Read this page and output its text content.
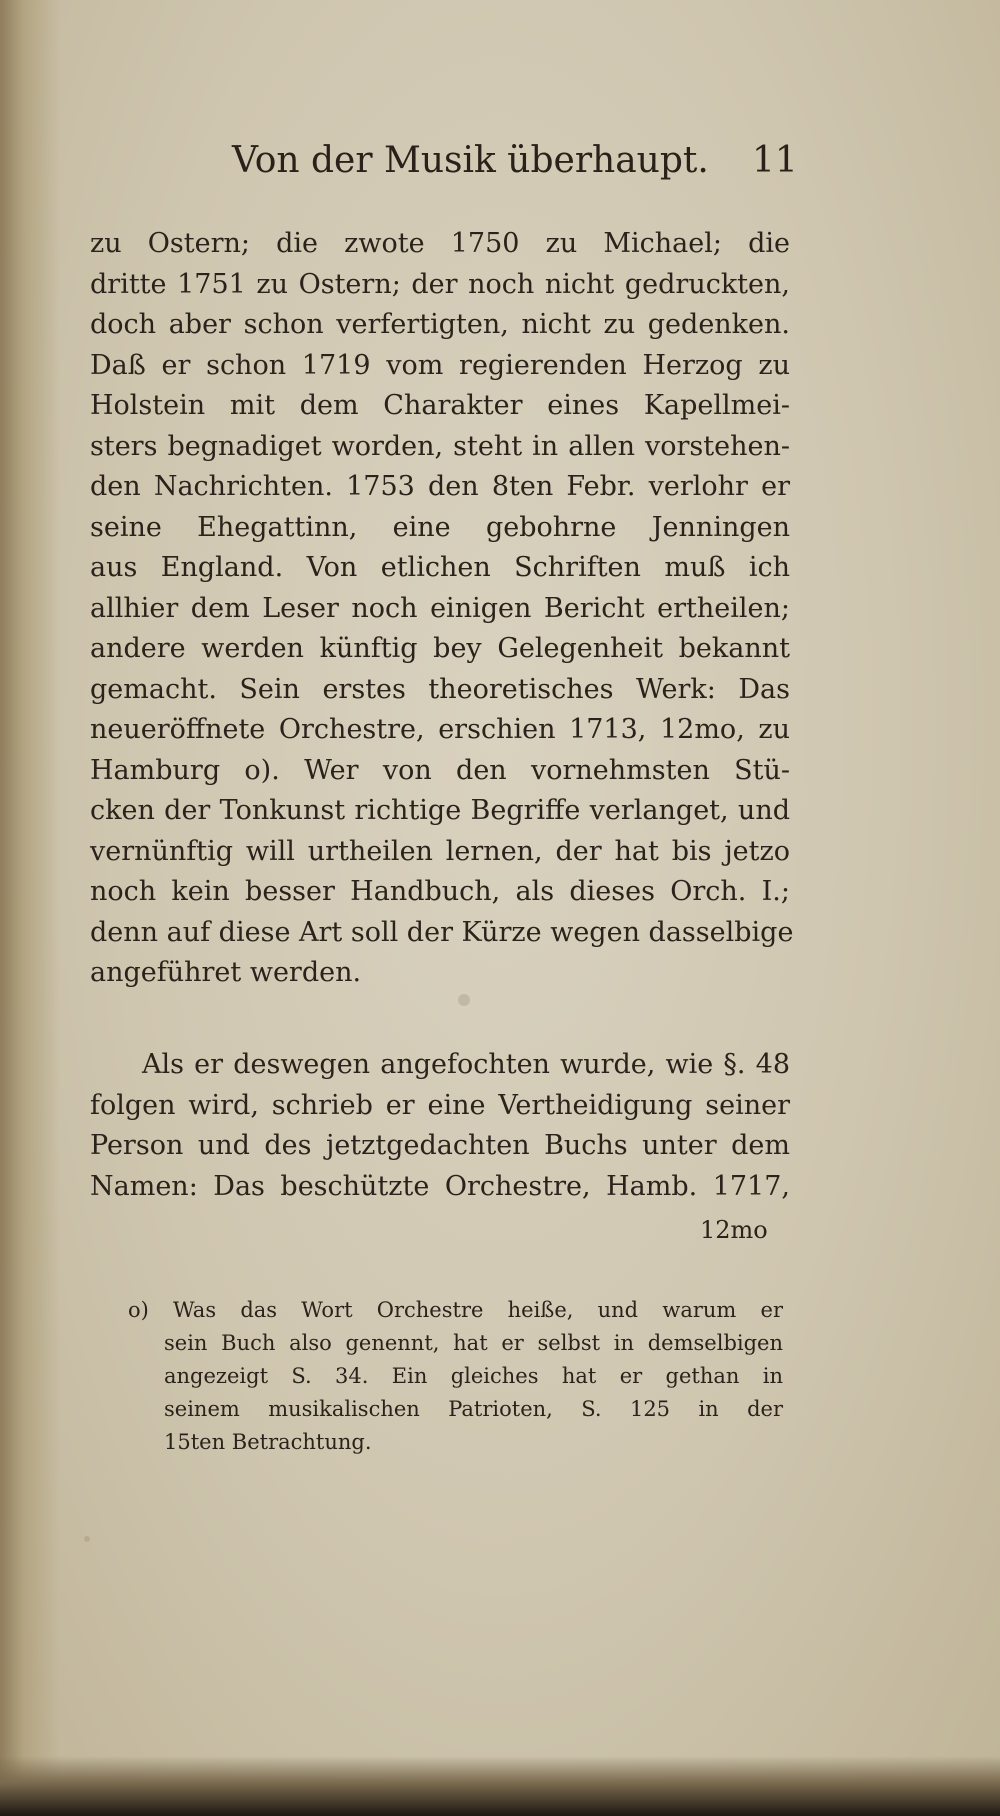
Von der Musik überhaupt. 11
zu Ostern; die zwote 1750 zu Michael; die
dritte 1751 zu Ostern; der noch nicht gedruckten,
doch aber schon verfertigten, nicht zu gedenken.
Daß er schon 1719 vom regierenden Herzog zu
Holstein mit dem Charakter eines Kapellmei-
sters begnadiget worden, steht in allen vorstehen-
den Nachrichten. 1753 den 8ten Febr. verlohr er
seine Ehegattinn, eine gebohrne Jenningen
aus England. Von etlichen Schriften muß ich
allhier dem Leser noch einigen Bericht ertheilen;
andere werden künftig bey Gelegenheit bekannt
gemacht. Sein erstes theoretisches Werk: Das
neueröffnete Orchestre, erschien 1713, 12mo, zu
Hamburg o). Wer von den vornehmsten Stü-
cken der Tonkunst richtige Begriffe verlanget, und
vernünftig will urtheilen lernen, der hat bis jetzo
noch kein besser Handbuch, als dieses Orch. I.;
denn auf diese Art soll der Kürze wegen dasselbige
angeführet werden.
Als er deswegen angefochten wurde, wie §. 48
folgen wird, schrieb er eine Vertheidigung seiner
Person und des jetztgedachten Buchs unter dem
Namen: Das beschützte Orchestre, Hamb. 1717,
12mo
o) Was das Wort Orchestre heiße, und warum er
sein Buch also genennt, hat er selbst in demselbigen
angezeigt S. 34. Ein gleiches hat er gethan in
seinem musikalischen Patrioten, S. 125 in der
15ten Betrachtung.
